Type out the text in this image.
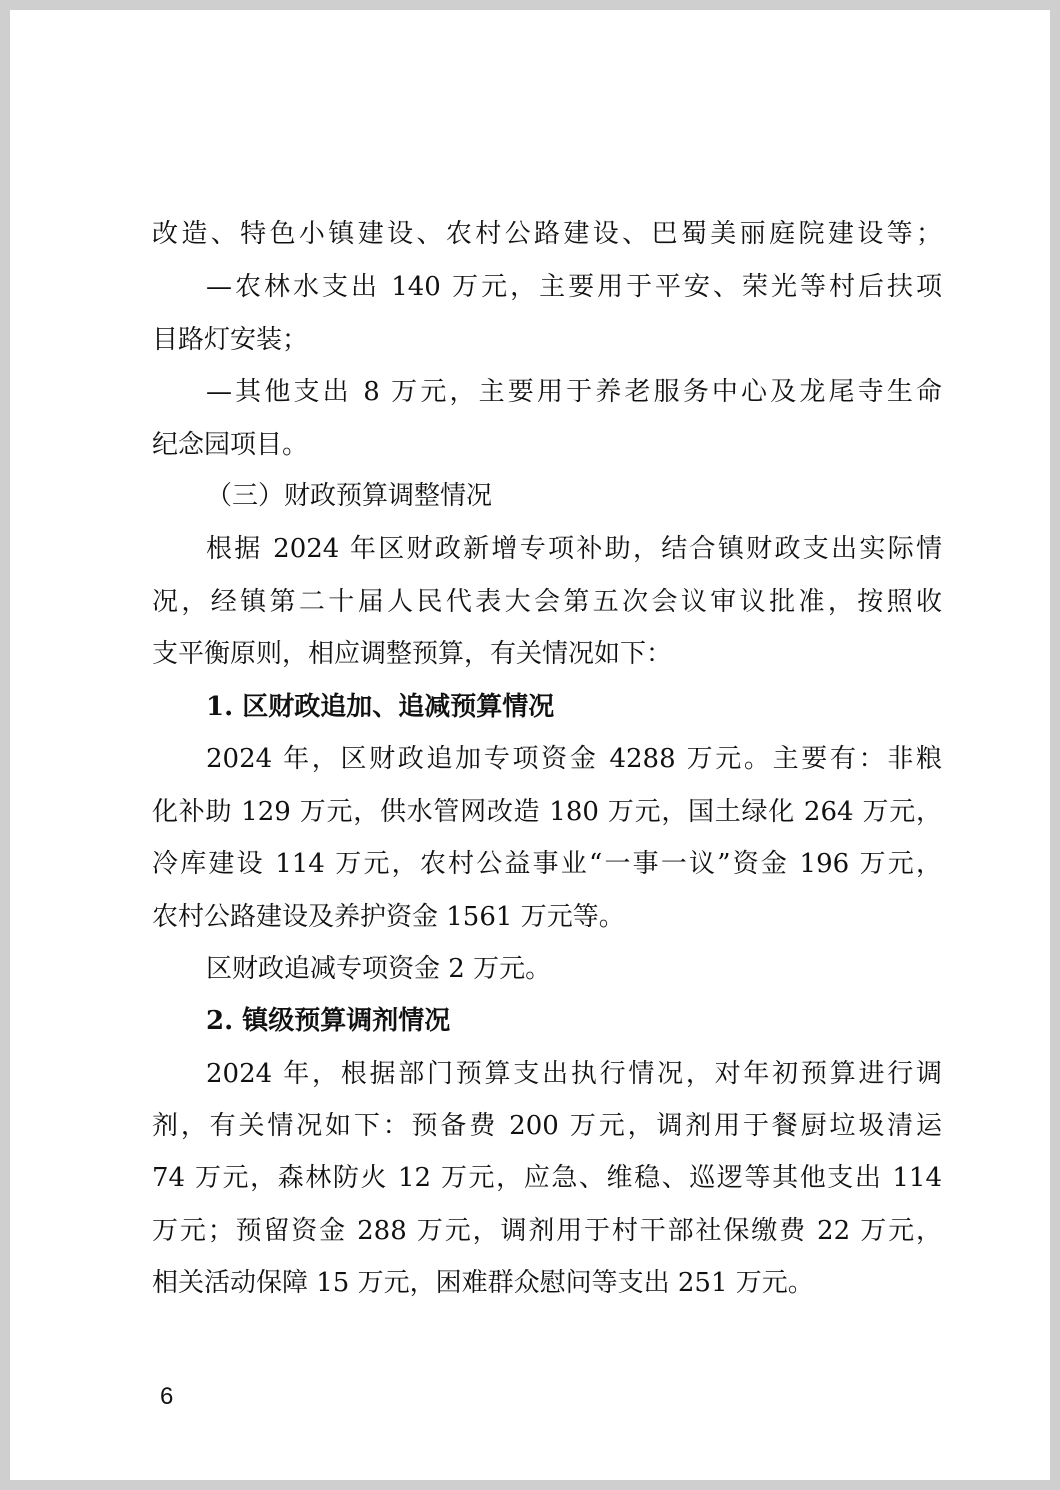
改造、特色小镇建设、农村公路建设、巴蜀美丽庭院建设等；
—农林水支出 140 万元，主要用于平安、荣光等村后扶项
目路灯安装；
—其他支出 8 万元，主要用于养老服务中心及龙尾寺生命
纪念园项目。
（三）财政预算调整情况
根据 2024 年区财政新增专项补助，结合镇财政支出实际情
况，经镇第二十届人民代表大会第五次会议审议批准，按照收
支平衡原则，相应调整预算，有关情况如下：
1. 区财政追加、追减预算情况
2024 年，区财政追加专项资金 4288 万元。主要有：非粮
化补助 129 万元，供水管网改造 180 万元，国土绿化 264 万元，
冷库建设 114 万元，农村公益事业“一事一议”资金 196 万元，
农村公路建设及养护资金 1561 万元等。
区财政追减专项资金 2 万元。
2. 镇级预算调剂情况
2024 年，根据部门预算支出执行情况，对年初预算进行调
剂，有关情况如下：预备费 200 万元，调剂用于餐厨垃圾清运
74 万元，森林防火 12 万元，应急、维稳、巡逻等其他支出 114
万元；预留资金 288 万元，调剂用于村干部社保缴费 22 万元，
相关活动保障 15 万元，困难群众慰问等支出 251 万元。
6
